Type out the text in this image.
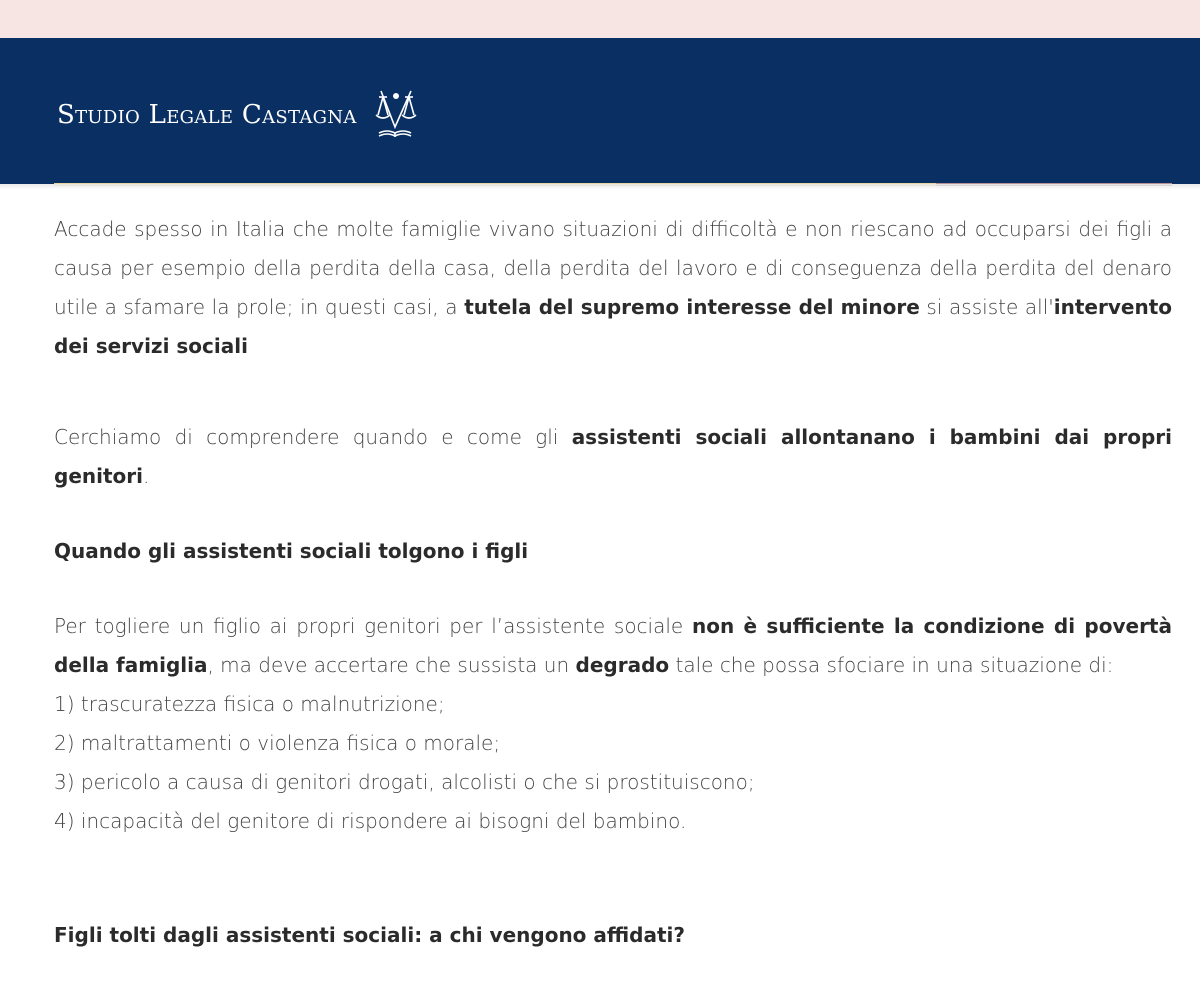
Studio Legale Castagna

Accade spesso in Italia che molte famiglie vivano situazioni di difficoltà e non riescano ad occuparsi dei figli a causa per esempio della perdita della casa, della perdita del lavoro e di conseguenza della perdita del denaro utile a sfamare la prole; in questi casi, a tutela del supremo interesse del minore si assiste all'intervento dei servizi sociali

Cerchiamo di comprendere quando e come gli assistenti sociali allontanano i bambini dai propri genitori.

Quando gli assistenti sociali tolgono i figli

Per togliere un figlio ai propri genitori per l’assistente sociale non è sufficiente la condizione di povertà della famiglia, ma deve accertare che sussista un degrado tale che possa sfociare in una situazione di:

1) trascuratezza fisica o malnutrizione;
2) maltrattamenti o violenza fisica o morale;
3) pericolo a causa di genitori drogati, alcolisti o che si prostituiscono;
4) incapacità del genitore di rispondere ai bisogni del bambino.

Figli tolti dagli assistenti sociali: a chi vengono affidati?
